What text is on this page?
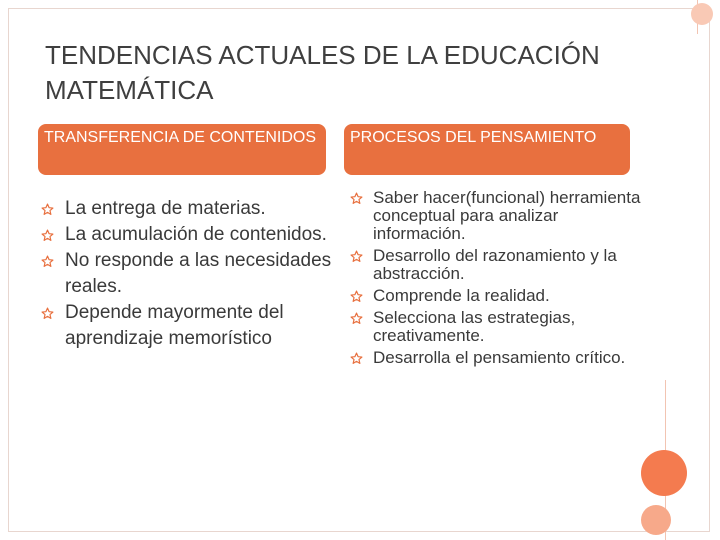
TENDENCIAS ACTUALES DE LA EDUCACIÓN MATEMÁTICA
TRANSFERENCIA DE CONTENIDOS	PROCESOS DEL PENSAMIENTO
La entrega de materias.
La acumulación de contenidos.
No responde a las necesidades reales.
Depende mayormente del aprendizaje memorístico
Saber hacer(funcional) herramienta conceptual para analizar información.
Desarrollo del razonamiento y la abstracción.
Comprende la realidad.
Selecciona las estrategias, creativamente.
Desarrolla el pensamiento crítico.
